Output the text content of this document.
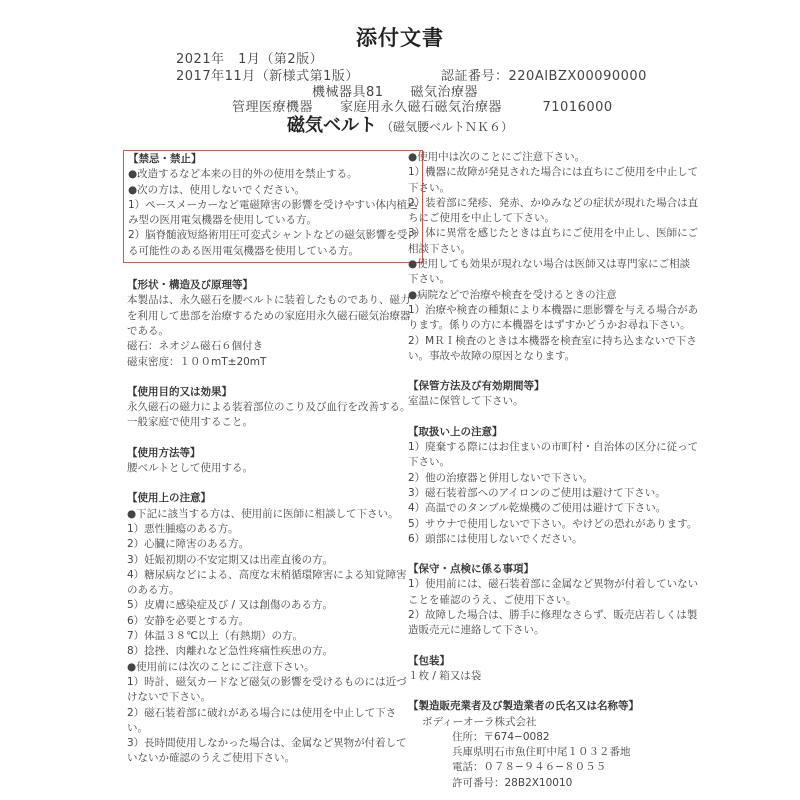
添付文書
2021年　1月（第2版）
2017年11月（新様式第1版）	認証番号：220AIBZX00090000
機械器具81　　磁気治療器
管理医療機器　　家庭用永久磁石磁気治療器　　　71016000
磁気ベルト （磁気腰ベルトＮＫ６）
【禁忌・禁止】
●改造するなど本来の目的外の使用を禁止する。
●次の方は、使用しないでください。
1）ペースメーカーなど電磁障害の影響を受けやすい体内植込み型の医用電気機器を使用している方。
2）脳脊髄液短絡術用圧可変式シャントなどの磁気影響を受ける可能性のある医用電気機器を使用している方。
【形状・構造及び原理等】
本製品は、永久磁石を腰ベルトに装着したものであり、磁力を利用して患部を治療するための家庭用永久磁石磁気治療器である。
磁石：ネオジム磁石６個付き
磁束密度：１００mT±20mT
【使用目的又は効果】
永久磁石の磁力による装着部位のこり及び血行を改善する。一般家庭で使用すること。
【使用方法等】
腰ベルトとして使用する。
【使用上の注意】
●下記に該当する方は、使用前に医師に相談して下さい。
1）悪性腫瘍のある方。
2）心臓に障害のある方。
3）妊娠初期の不安定期又は出産直後の方。
4）糖尿病などによる、高度な末梢循環障害による知覚障害のある方。
5）皮膚に感染症及び / 又は創傷のある方。
6）安静を必要とする方。
7）体温３８℃以上（有熱期）の方。
8）捻挫、肉離れなど急性疼痛性疾患の方。
●使用前には次のことにご注意下さい。
1）時計、磁気カードなど磁気の影響を受けるものには近づけないで下さい。
2）磁石装着部に破れがある場合には使用を中止して下さい。
3）長時間使用しなかった場合は、金属など異物が付着していないか確認のうえご使用下さい。
●使用中は次のことにご注意下さい。
1）機器に故障が発見された場合には直ちにご使用を中止して下さい。
2）装着部に発疹、発赤、かゆみなどの症状が現れた場合は直ちにご使用を中止して下さい。
3）体に異常を感じたときは直ちにご使用を中止し、医師にご相談下さい。
●使用しても効果が現れない場合は医師又は専門家にご相談下さい。
●病院などで治療や検査を受けるときの注意
1）治療や検査の種類により本機器に悪影響を与える場合があります。係りの方に本機器をはずすかどうかお尋ね下さい。
2）MＲＩ検査のときは本機器を検査室に持ち込まないで下さい。事故や故障の原因となります。
【保管方法及び有効期間等】
室温に保管して下さい。
【取扱い上の注意】
1）廃棄する際にはお住まいの市町村・自治体の区分に従って下さい。
2）他の治療器と併用しないで下さい。
3）磁石装着部へのアイロンのご使用は避けて下さい。
4）高温でのタンブル乾燥機のご使用は避けて下さい。
5）サウナで使用しないで下さい。やけどの恐れがあります。
6）頭部には使用しないでください。
【保守・点検に係る事項】
1）使用前には、磁石装着部に金属など異物が付着していないことを確認のうえ、ご使用下さい。
2）故障した場合は、勝手に修理なさらず、販売店若しくは製造販売元に連絡して下さい。
【包装】
１枚 / 箱又は袋
【製造販売業者及び製造業者の氏名又は名称等】
ボディーオーラ株式会社
住所：〒674−0082
兵庫県明石市魚住町中尾１０３２番地
電話：０７８−９４６−８０５５
許可番号：28B2X10010
